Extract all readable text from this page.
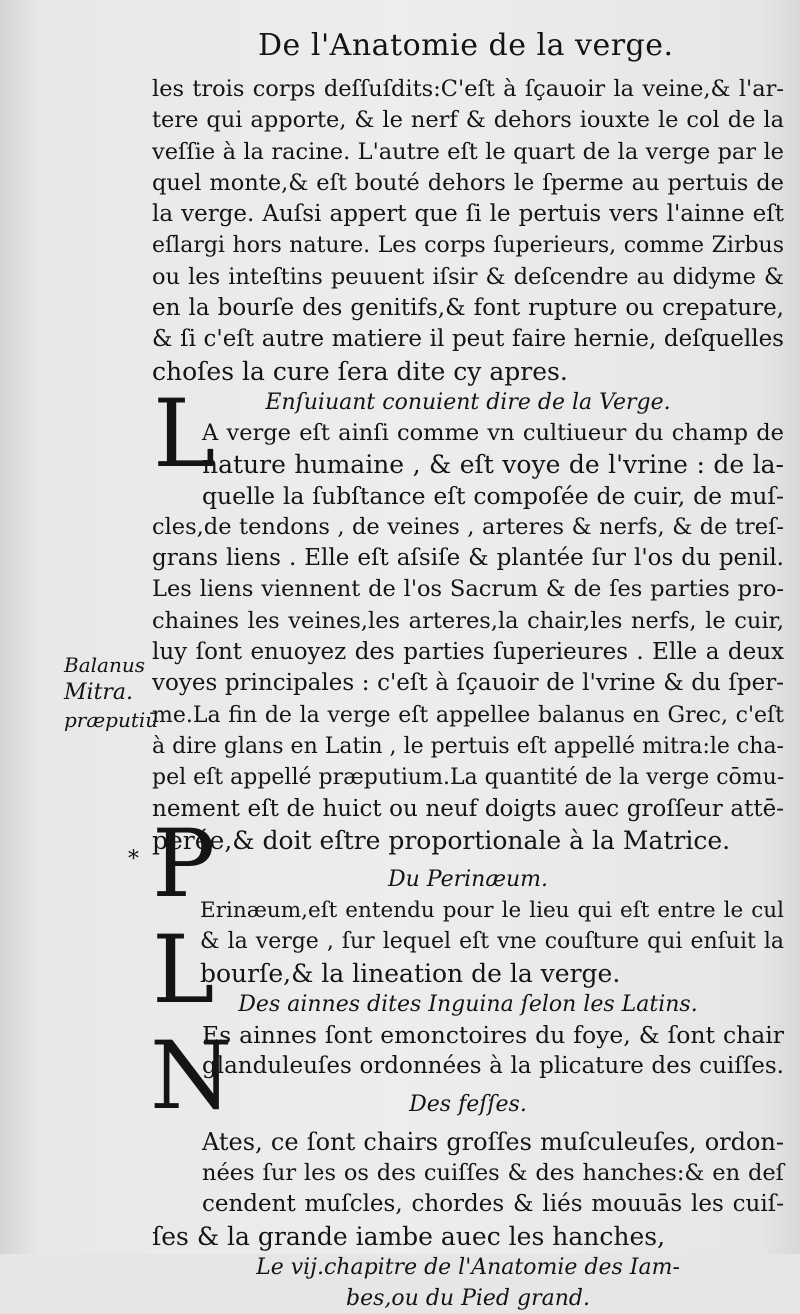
De l'Anatomie de la verge.
Balanus
Mitra.
præputiū
*
L
P
L
N
les trois corps deſſuſdits:C'eſt à ſçauoir la veine,& l'ar-
tere qui apporte, & le nerf & dehors iouxte le col de la
veſſie à la racine. L'autre eſt le quart de la verge par le
quel monte,& eſt bouté dehors le ſperme au pertuis de
la verge. Auſsi appert que ſi le pertuis vers l'ainne eſt
eſlargi hors nature. Les corps ſuperieurs, comme Zirbus
ou les inteſtins peuuent iſsir & deſcendre au didyme &
en la bourſe des genitifs,& font rupture ou crepature,
& ſi c'eſt autre matiere il peut faire hernie, deſquelles
choſes la cure ſera dite cy apres.
Enſuiuant conuient dire de la Verge.
A verge eſt ainſi comme vn cultiueur du champ de
nature humaine , & eſt voye de l'vrine : de la-
quelle la ſubſtance eſt compoſée de cuir, de muſ-
cles,de tendons , de veines , arteres & nerfs, & de treſ-
grans liens . Elle eſt aſsiſe & plantée ſur l'os du penil.
Les liens viennent de l'os Sacrum & de ſes parties pro-
chaines les veines,les arteres,la chair,les nerfs, le cuir,
luy ſont enuoyez des parties ſuperieures . Elle a deux
voyes principales : c'eſt à ſçauoir de l'vrine & du ſper-
me.La fin de la verge eſt appellee balanus en Grec, c'eſt
à dire glans en Latin , le pertuis eſt appellé mitra:le cha-
pel eſt appellé præputium.La quantité de la verge cōmu-
nement eſt de huict ou neuf doigts auec groſſeur attē-
perée,& doit eſtre proportionale à la Matrice.
Du Perinæum.
Erinæum,eſt entendu pour le lieu qui eſt entre le cul
& la verge , ſur lequel eſt vne couſture qui enſuit la
bourſe,& la lineation de la verge.
Des ainnes dites Inguina ſelon les Latins.
Es ainnes ſont emonctoires du foye, & ſont chair
glanduleuſes ordonnées à la plicature des cuiſſes.
Des feſſes.
Ates, ce ſont chairs groſſes muſculeuſes, ordon-
nées ſur les os des cuiſſes & des hanches:& en deſ
cendent muſcles, chordes & liés mouuās les cuiſ-
ſes & la grande iambe auec les hanches,
Le vij.chapitre de l'Anatomie des Iam-
bes,ou du Pied grand.
